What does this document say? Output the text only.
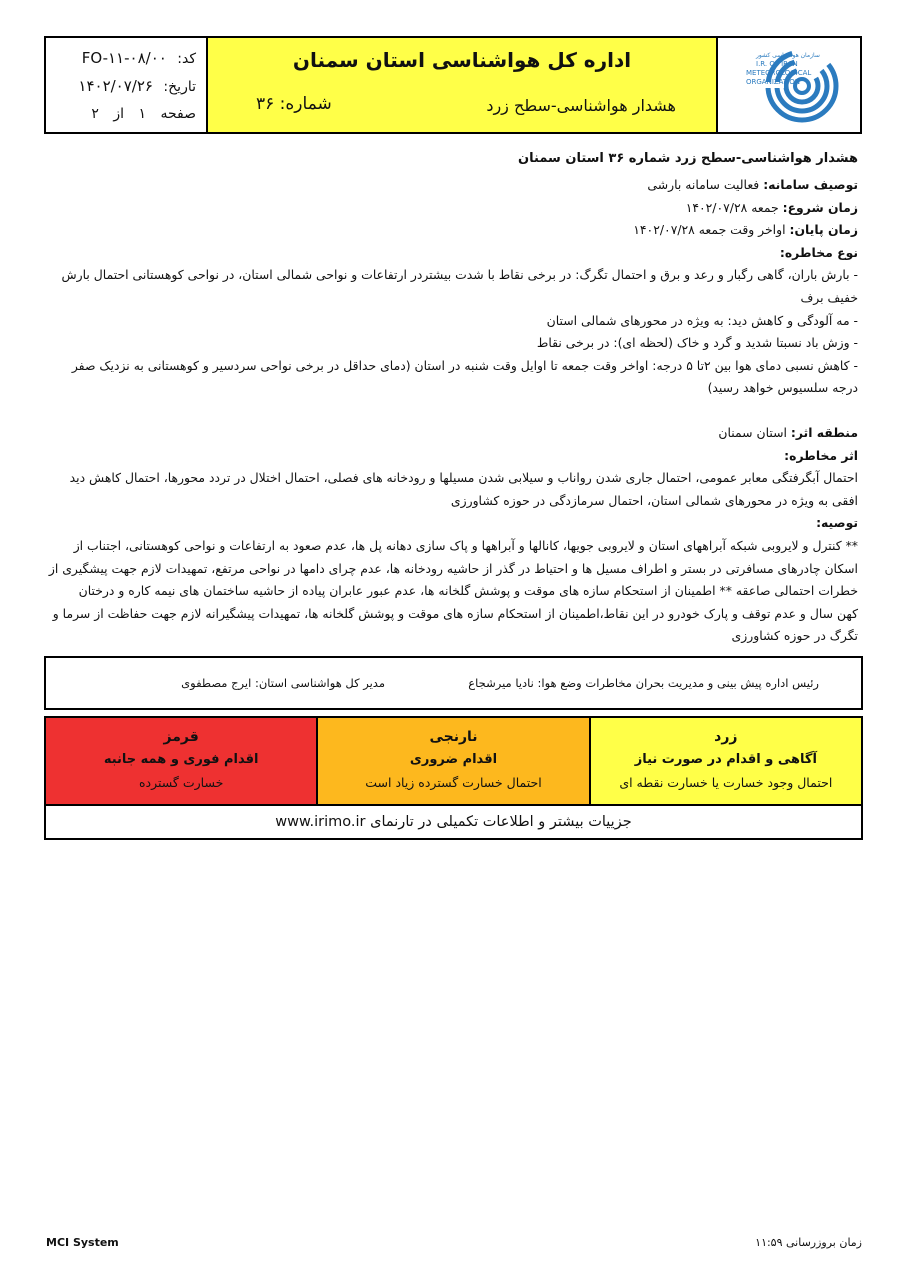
کد: FO-۱۱-۰۸/۰۰
تاریخ: ۱۴۰۲/۰۷/۲۶
صفحه ۱ از ۲
اداره کل هواشناسی استان سمنان
هشدار هواشناسی-سطح زرد
شماره: ۳۶
سازمان هواشناسی کشور
I.R. OF IRAN
METEOROLOGICAL
ORGANIZATION
هشدار هواشناسی-سطح زرد شماره ۳۶ استان سمنان
توصیف سامانه: فعالیت سامانه بارشی
زمان شروع: جمعه ۱۴۰۲/۰۷/۲۸
زمان پایان: اواخر وقت جمعه ۱۴۰۲/۰۷/۲۸
نوع مخاطره:
- بارش باران، گاهی رگبار و رعد و برق و احتمال تگرگ: در برخی نقاط با شدت بیشتردر ارتفاعات و نواحی شمالی استان، در نواحی کوهستانی احتمال بارش
خفیف برف
- مه آلودگی و کاهش دید: به ویژه در محورهای شمالی استان
- وزش باد نسبتا شدید و گرد و خاک (لحظه ای): در برخی نقاط
- کاهش نسبی دمای هوا بین ۲تا ۵ درجه: اواخر وقت جمعه تا اوایل وقت شنبه در استان (دمای حداقل در برخی نواحی سردسیر و کوهستانی به نزدیک صفر
درجه سلسیوس خواهد رسید)
منطقه اثر: استان سمنان
اثر مخاطره:
احتمال آبگرفتگی معابر عمومی، احتمال جاری شدن رواناب و سیلابی شدن مسیلها و رودخانه های فصلی، احتمال اختلال در تردد محورها، احتمال کاهش دید
افقی به ویژه در محورهای شمالی استان، احتمال سرمازدگی در حوزه کشاورزی
توصیه:
** کنترل و لایروبی شبکه آبراههای استان و لایروبی جویها، کانالها و آبراهها و پاک سازی دهانه پل ها، عدم صعود به ارتفاعات و نواحی کوهستانی، اجتناب از
اسکان چادرهای مسافرتی در بستر و اطراف مسیل ها و احتیاط در گذر از حاشیه رودخانه ها، عدم چرای دامها در نواحی مرتفع، تمهیدات لازم جهت پیشگیری از
خطرات احتمالی صاعقه ** اطمینان از استحکام سازه های موقت و پوشش گلخانه ها، عدم عبور عابران پیاده از حاشیه ساختمان های نیمه کاره و درختان
کهن سال و عدم توقف و پارک خودرو در این نقاط،اطمینان از استحکام سازه های موقت و پوشش گلخانه ها، تمهیدات پیشگیرانه لازم جهت حفاظت از سرما و
تگرگ در حوزه کشاورزی
رئیس اداره پیش بینی و مدیریت بحران مخاطرات وضع هوا: نادیا میرشجاع
مدیر کل هواشناسی استان: ایرج مصطفوی
قرمز
اقدام فوری و همه جانبه
خسارت گسترده
نارنجی
اقدام ضروری
احتمال خسارت گسترده زیاد است
زرد
آگاهی و اقدام در صورت نیاز
احتمال وجود خسارت یا خسارت نقطه ای
جزییات بیشتر و اطلاعات تکمیلی در تارنمای www.irimo.ir
MCI System	زمان بروزرسانی ۱۱:۵۹
